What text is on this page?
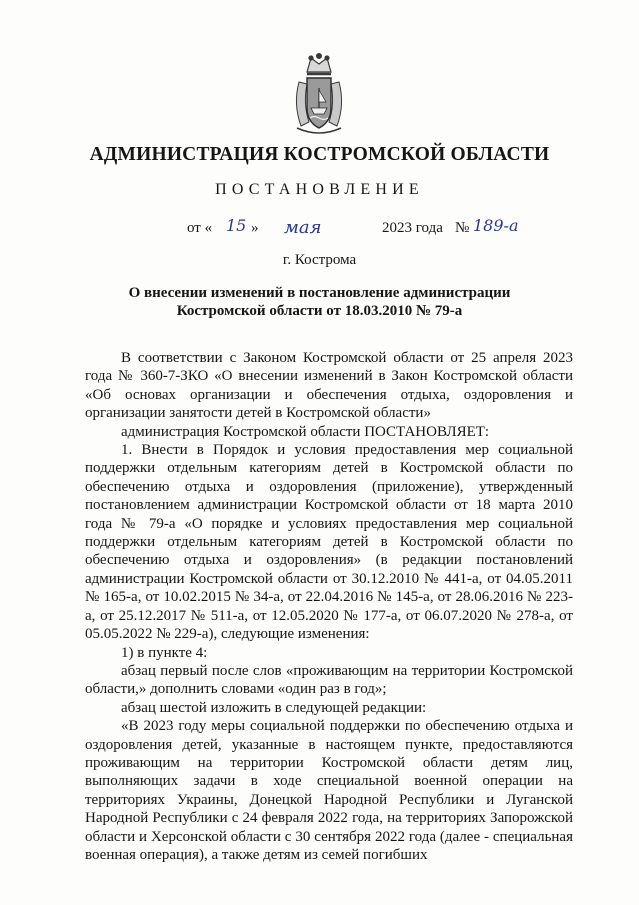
АДМИНИСТРАЦИЯ КОСТРОМСКОЙ ОБЛАСТИ
ПОСТАНОВЛЕНИЕ
от « 15 » мая	2023 года № 189-а
г. Кострома
О внесении изменений в постановление администрации
Костромской области от 18.03.2010 № 79-а

В соответствии с Законом Костромской области от 25 апреля 2023 года № 360-7-ЗКО «О внесении изменений в Закон Костромской области «Об основах организации и обеспечения отдыха, оздоровления и организации занятости детей в Костромской области»

администрация Костромской области ПОСТАНОВЛЯЕТ:

1. Внести в Порядок и условия предоставления мер социальной поддержки отдельным категориям детей в Костромской области по обеспечению отдыха и оздоровления (приложение), утвержденный постановлением администрации Костромской области от 18 марта 2010 года № 79-а «О порядке и условиях предоставления мер социальной поддержки отдельным категориям детей в Костромской области по обеспечению отдыха и оздоровления» (в редакции постановлений администрации Костромской области от 30.12.2010 № 441-а, от 04.05.2011 № 165-а, от 10.02.2015 № 34-а, от 22.04.2016 № 145-а, от 28.06.2016 № 223-а, от 25.12.2017 № 511-а, от 12.05.2020 № 177-а, от 06.07.2020 № 278-а, от 05.05.2022 № 229-а), следующие изменения:

1) в пункте 4:

абзац первый после слов «проживающим на территории Костромской области,» дополнить словами «один раз в год»;

абзац шестой изложить в следующей редакции:

«В 2023 году меры социальной поддержки по обеспечению отдыха и оздоровления детей, указанные в настоящем пункте, предоставляются проживающим на территории Костромской области детям лиц, выполняющих задачи в ходе специальной военной операции на территориях Украины, Донецкой Народной Республики и Луганской Народной Республики с 24 февраля 2022 года, на территориях Запорожской области и Херсонской области с 30 сентября 2022 года (далее - специальная военная операция), а также детям из семей погибших
